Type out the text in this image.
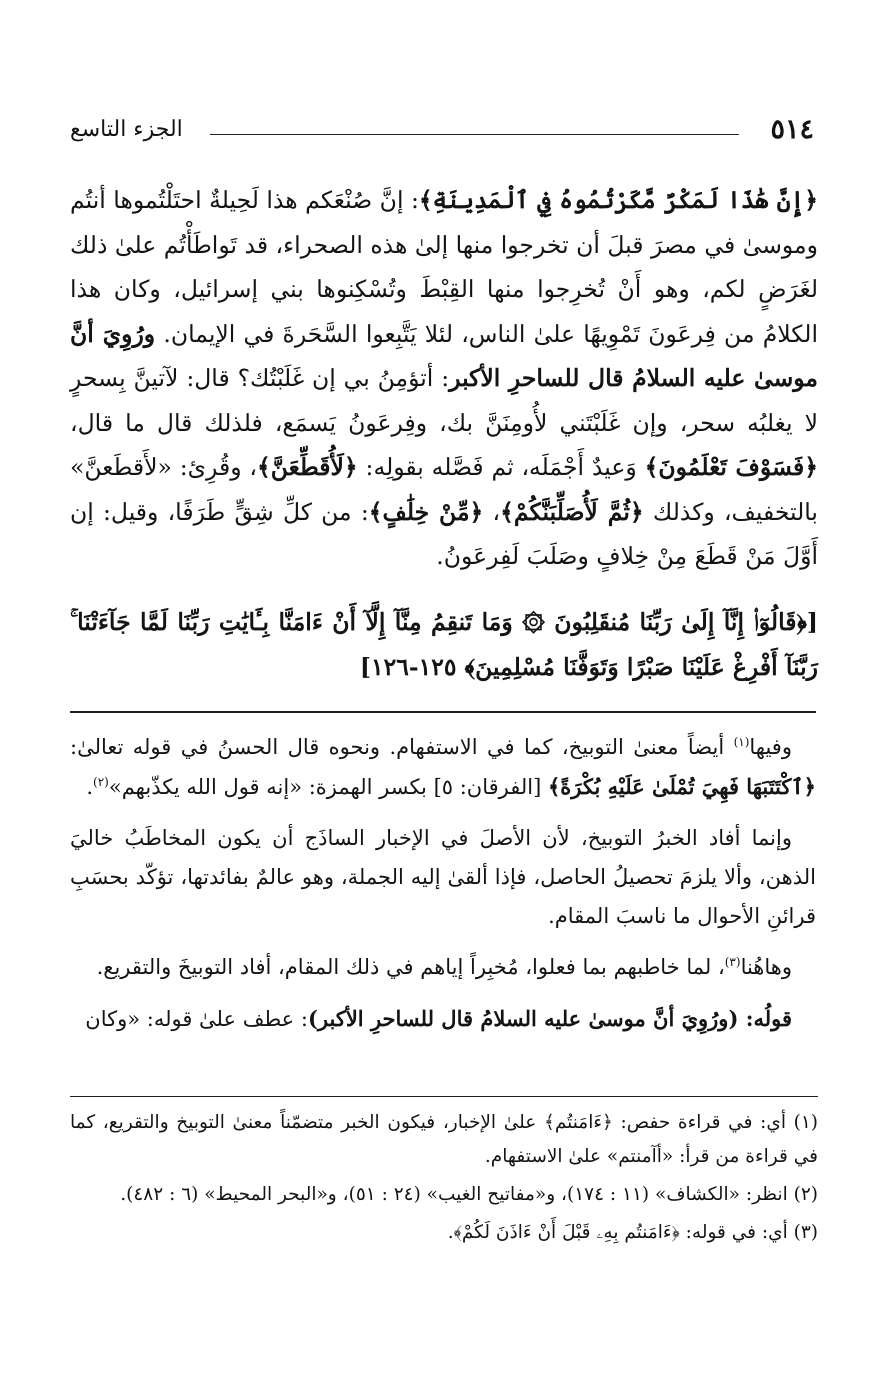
٥١٤
الجزء التاسع

﴿إِنَّ هَٰذَا لَمَكْرٌ مَّكَرْتُمُوهُ فِي ٱلْمَدِينَةِ﴾: إنَّ صُنْعَكم هذا لَحِيلةٌ احتَلْتُموها أنتُم وموسىٰ في مصرَ قبلَ أن تخرجوا منها إلىٰ هذه الصحراء، قد تَواطَأْتُم علىٰ ذلك لغَرَضٍ لكم، وهو أَنْ تُخرِجوا منها القِبْطَ وتُسْكِنوها بني إسرائيل، وكان هذا الكلامُ من فِرعَونَ تَمْوِيهًا علىٰ الناس، لئلا يَتَّبِعوا السَّحَرةَ في الإيمان. ورُوِيَ أنَّ موسىٰ عليه السلامُ قال للساحرِ الأكبر: أتؤمِنُ بي إن غَلَبْتُك؟ قال: لآتينَّ بِسحرٍ لا يغلبُه سحر، وإن غَلَبْتَني لأُومِنَنَّ بك، وفِرعَونُ يَسمَع، فلذلك قال ما قال، ﴿فَسَوْفَ تَعْلَمُونَ﴾ وَعيدٌ أَجْمَلَه، ثم فَصَّله بقولِه: ﴿لَأُقَطِّعَنَّ﴾، وقُرِئ: «لأَقطَعنَّ» بالتخفيف، وكذلك ﴿ثُمَّ لَأُصَلِّبَنَّكُمْ﴾، ﴿مِّنْ خِلَٰفٍ﴾: من كلِّ شِقٍّ طَرَفًا، وقيل: إن أَوَّلَ مَنْ قَطَعَ مِنْ خِلافٍ وصَلَبَ لَفِرعَونُ.

[﴿قَالُوٓا۟ إِنَّآ إِلَىٰ رَبِّنَا مُنقَلِبُونَ ۞ وَمَا تَنقِمُ مِنَّآ إِلَّآ أَنْ ءَامَنَّا بِـَٔايَٰتِ رَبِّنَا لَمَّا جَآءَتْنَا ۚ رَبَّنَآ أَفْرِغْ عَلَيْنَا صَبْرًا وَتَوَفَّنَا مُسْلِمِينَ﴾ ١٢٥-١٢٦]

وفيها$^{(١)}$ أيضاً معنىٰ التوبيخ، كما في الاستفهام. ونحوه قال الحسنُ في قوله تعالىٰ: ﴿ٱكْتَتَبَهَا فَهِيَ تُمْلَىٰ عَلَيْهِ بُكْرَةً﴾ [الفرقان: ٥] بكسر الهمزة: «إنه قول الله يكذّبهم»$^{(٢)}$.

وإنما أفاد الخبرُ التوبيخ، لأن الأصلَ في الإخبار الساذَج أن يكون المخاطَبُ خاليَ الذهن، وألا يلزمَ تحصيلُ الحاصل، فإذا ألقىٰ إليه الجملة، وهو عالمٌ بفائدتها، تؤكّد بحسَبِ قرائنِ الأحوال ما ناسبَ المقام.

وهاهُنا$^{(٣)}$، لما خاطبهم بما فعلوا، مُخبِراً إياهم في ذلك المقام، أفاد التوبيخَ والتقريع.

قولُه: (ورُوِيَ أنَّ موسىٰ عليه السلامُ قال للساحرِ الأكبر): عطف علىٰ قوله: «وكان

(١) أي: في قراءة حفص: ﴿ءَامَنتُم﴾ علىٰ الإخبار، فيكون الخبر متضمّناً معنىٰ التوبيخ والتقريع، كما في قراءة من قرأ: «أآمنتم» علىٰ الاستفهام.

(٢) انظر: «الكشاف» (١١ : ١٧٤)، و«مفاتيح الغيب» (٢٤ : ٥١)، و«البحر المحيط» (٦ : ٤٨٢).

(٣) أي: في قوله: ﴿ءَامَنتُم بِهِۦ قَبْلَ أَنْ ءَاذَنَ لَكُمْ﴾.
